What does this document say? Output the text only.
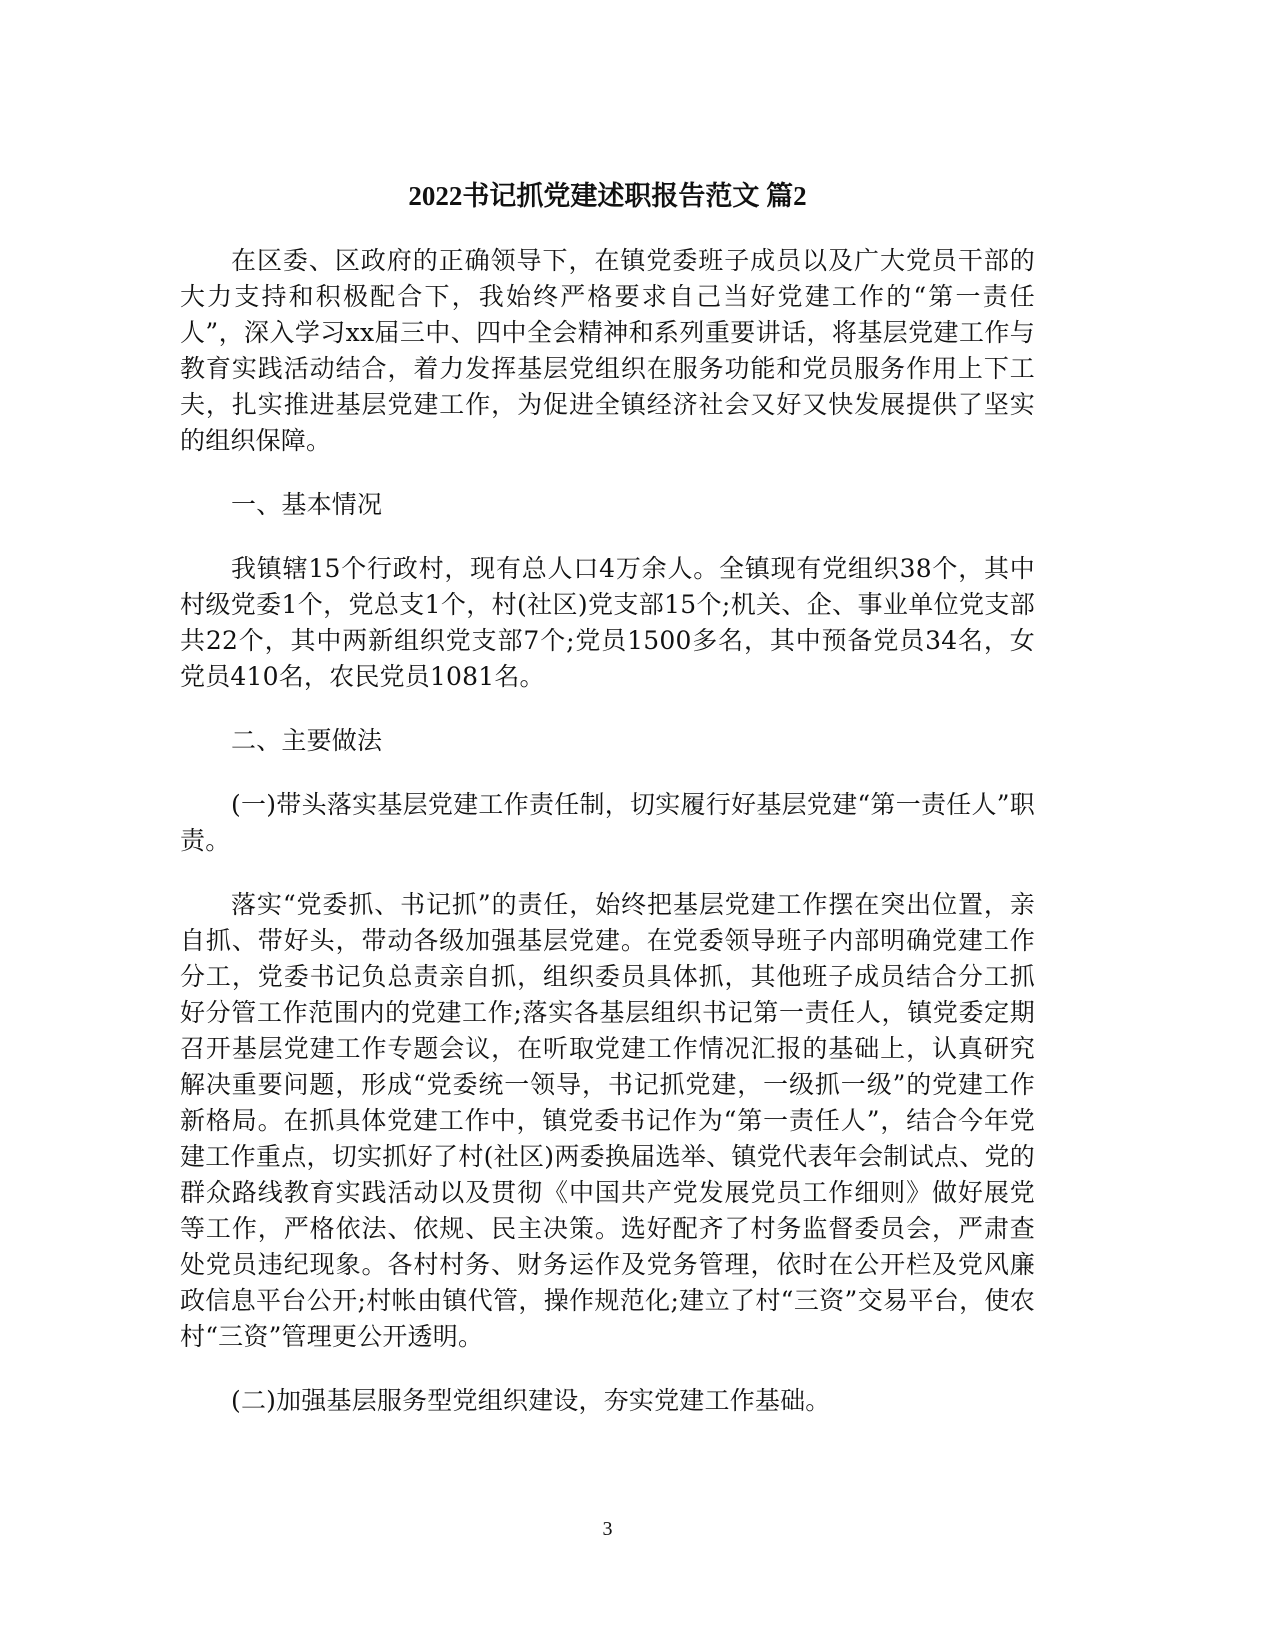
2022书记抓党建述职报告范文 篇2

在区委、区政府的正确领导下，在镇党委班子成员以及广大党员干部的大力支持和积极配合下，我始终严格要求自己当好党建工作的“第一责任人”，深入学习xx届三中、四中全会精神和系列重要讲话，将基层党建工作与教育实践活动结合，着力发挥基层党组织在服务功能和党员服务作用上下工夫，扎实推进基层党建工作，为促进全镇经济社会又好又快发展提供了坚实的组织保障。

一、基本情况

我镇辖15个行政村，现有总人口4万余人。全镇现有党组织38个，其中村级党委1个，党总支1个，村(社区)党支部15个;机关、企、事业单位党支部共22个，其中两新组织党支部7个;党员1500多名，其中预备党员34名，女党员410名，农民党员1081名。

二、主要做法

(一)带头落实基层党建工作责任制，切实履行好基层党建“第一责任人”职责。

落实“党委抓、书记抓”的责任，始终把基层党建工作摆在突出位置，亲自抓、带好头，带动各级加强基层党建。在党委领导班子内部明确党建工作分工，党委书记负总责亲自抓，组织委员具体抓，其他班子成员结合分工抓好分管工作范围内的党建工作;落实各基层组织书记第一责任人，镇党委定期召开基层党建工作专题会议，在听取党建工作情况汇报的基础上，认真研究解决重要问题，形成“党委统一领导，书记抓党建，一级抓一级”的党建工作新格局。在抓具体党建工作中，镇党委书记作为“第一责任人”，结合今年党建工作重点，切实抓好了村(社区)两委换届选举、镇党代表年会制试点、党的群众路线教育实践活动以及贯彻《中国共产党发展党员工作细则》做好展党等工作，严格依法、依规、民主决策。选好配齐了村务监督委员会，严肃查处党员违纪现象。各村村务、财务运作及党务管理，依时在公开栏及党风廉政信息平台公开;村帐由镇代管，操作规范化;建立了村“三资”交易平台，使农村“三资”管理更公开透明。

(二)加强基层服务型党组织建设，夯实党建工作基础。

3
